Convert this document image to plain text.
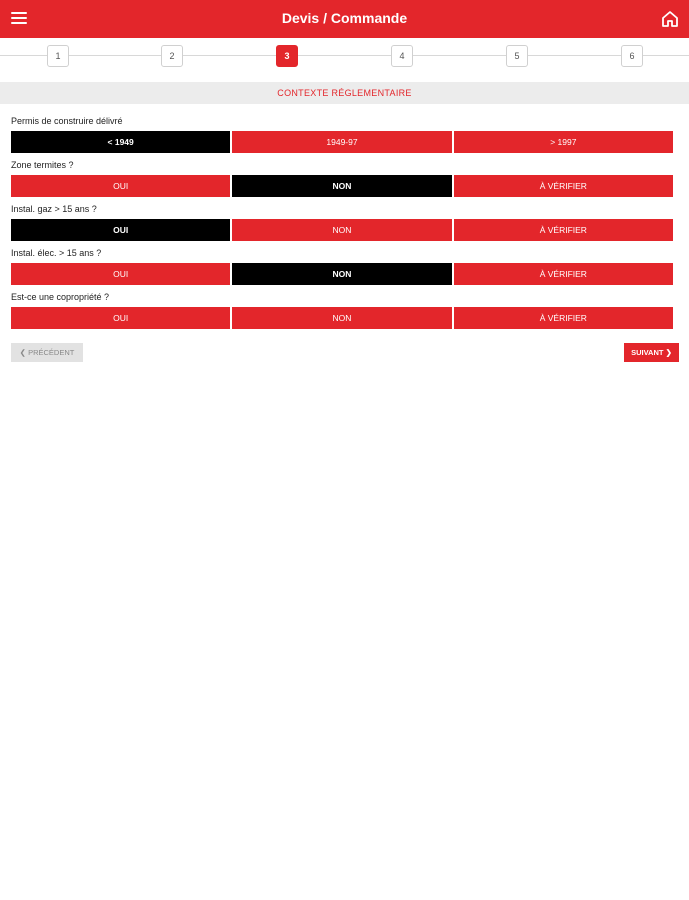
Devis / Commande
1	2	3	4	5	6
CONTEXTE RÉGLEMENTAIRE
Permis de construire délivré
< 1949	1949-97	> 1997
Zone termites ?
OUI	NON	À VÉRIFIER
Instal. gaz > 15 ans ?
OUI	NON	À VÉRIFIER
Instal. élec. > 15 ans ?
OUI	NON	À VÉRIFIER
Est-ce une copropriété ?
OUI	NON	À VÉRIFIER
❮ PRÉCÉDENT	SUIVANT ❯
